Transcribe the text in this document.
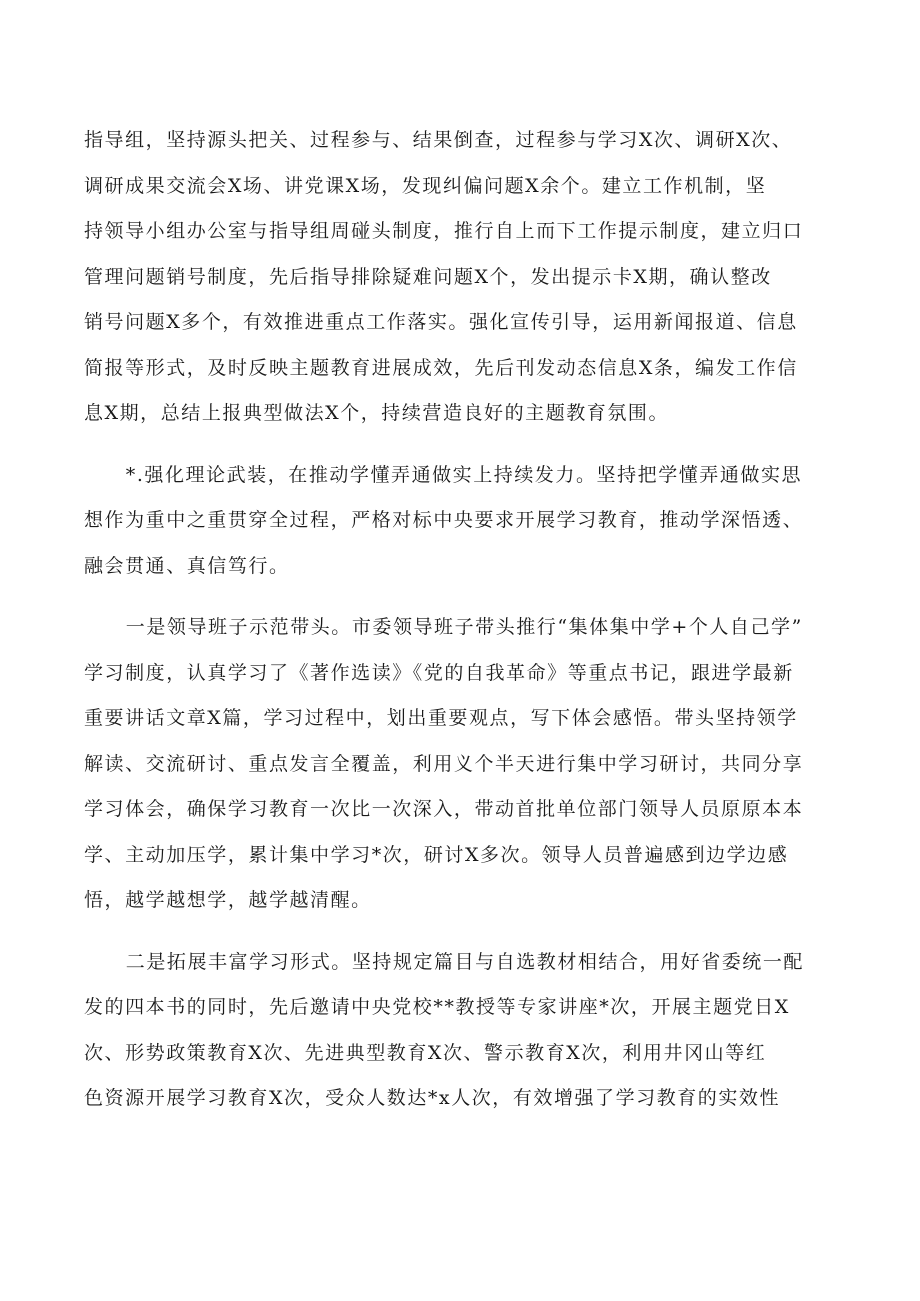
指导组，坚持源头把关、过程参与、结果倒查，过程参与学习X次、调研X次、
调研成果交流会X场、讲党课X场，发现纠偏问题X余个。建立工作机制，坚
持领导小组办公室与指导组周碰头制度，推行自上而下工作提示制度，建立归口
管理问题销号制度，先后指导排除疑难问题X个，发出提示卡X期，确认整改
销号问题X多个，有效推进重点工作落实。强化宣传引导，运用新闻报道、信息
简报等形式，及时反映主题教育进展成效，先后刊发动态信息X条，编发工作信
息X期，总结上报典型做法X个，持续营造良好的主题教育氛围。
*.强化理论武装，在推动学懂弄通做实上持续发力。坚持把学懂弄通做实思
想作为重中之重贯穿全过程，严格对标中央要求开展学习教育，推动学深悟透、
融会贯通、真信笃行。
一是领导班子示范带头。市委领导班子带头推行“集体集中学+个人自己学”
学习制度，认真学习了《著作选读》《党的自我革命》等重点书记，跟进学最新
重要讲话文章X篇，学习过程中，划出重要观点，写下体会感悟。带头坚持领学
解读、交流研讨、重点发言全覆盖，利用义个半天进行集中学习研讨，共同分享
学习体会，确保学习教育一次比一次深入，带动首批单位部门领导人员原原本本
学、主动加压学，累计集中学习*次，研讨X多次。领导人员普遍感到边学边感
悟，越学越想学，越学越清醒。
二是拓展丰富学习形式。坚持规定篇目与自选教材相结合，用好省委统一配
发的四本书的同时，先后邀请中央党校**教授等专家讲座*次，开展主题党日X
次、形势政策教育X次、先进典型教育X次、警示教育X次，利用井冈山等红
色资源开展学习教育X次，受众人数达*x人次，有效增强了学习教育的实效性
